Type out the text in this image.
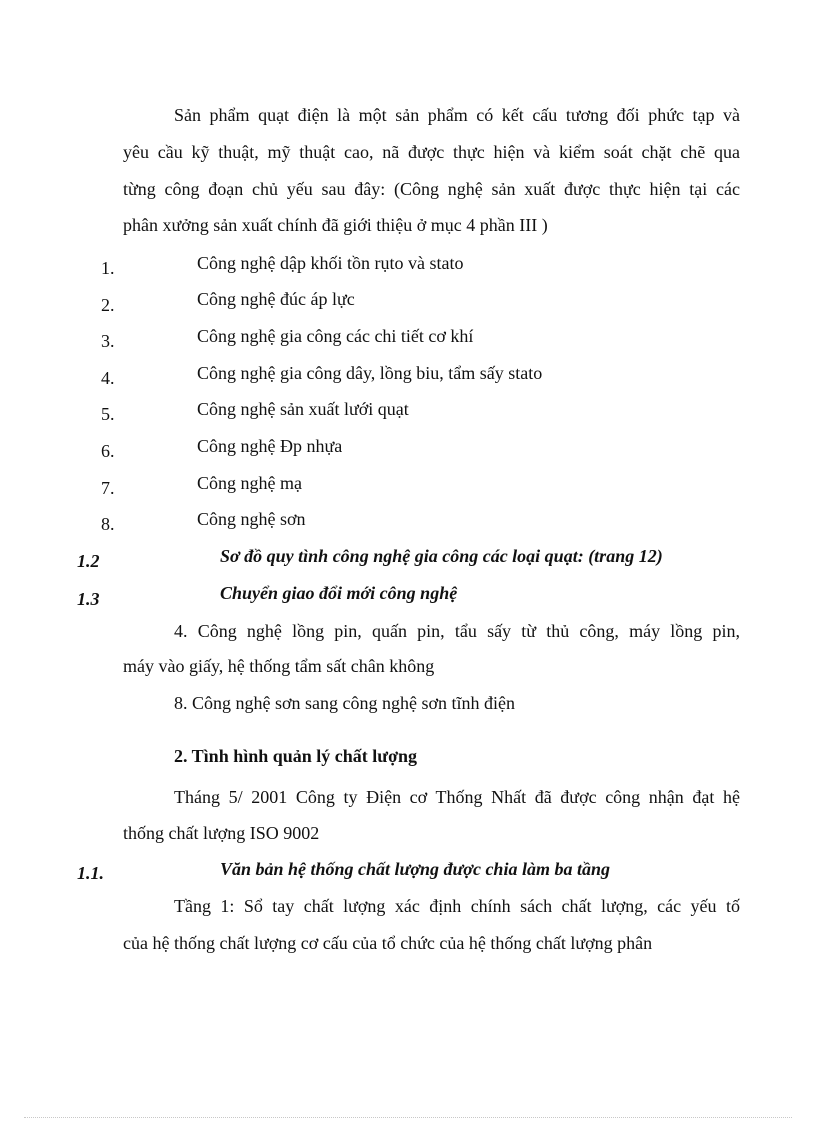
Sản phẩm quạt điện là một sản phẩm có kết cấu tương đối phức tạp và
yêu cầu kỹ thuật, mỹ thuật cao, nã được thực hiện và kiểm soát chặt chẽ qua
từng công đoạn chủ yếu sau đây: (Công nghệ sản xuất được thực hiện tại các
phân xưởng sản xuất chính đã giới thiệu ở mục 4 phần III )
1.	Công nghệ dập khối tồn rụto và stato
2.	Công nghệ đúc áp lực
3.	Công nghệ gia công các chi tiết cơ khí
4.	Công nghệ gia công dây, lồng biu, tẩm sấy stato
5.	Công nghệ sản xuất lưới quạt
6.	Công nghệ Đp nhựa
7.	Công nghệ mạ
8.	Công nghệ sơn
1.2	Sơ đồ quy tình công nghệ gia công các loại quạt: (trang 12)
1.3	Chuyển giao đổi mới công nghệ
4. Công nghệ lồng pin, quấn pin, tẩu sấy từ thủ công, máy lồng pin,
máy vào giấy, hệ thống tẩm sất chân không
8. Công nghệ sơn sang công nghệ sơn tĩnh điện
2. Tình hình quản lý chất lượng
Tháng 5/ 2001 Công ty Điện cơ Thống Nhất đã được công nhận đạt hệ
thống chất lượng ISO 9002
1.1.	Văn bản hệ thống chất lượng được chia làm ba tầng
Tầng 1: Sổ tay chất lượng xác định chính sách chất lượng, các yếu tố
của hệ thống chất lượng cơ cấu của tổ chức của hệ thống chất lượng phân
